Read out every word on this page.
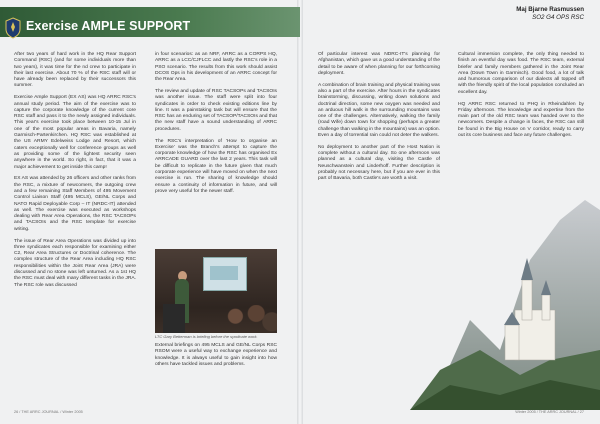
Exercise AMPLE SUPPORT
Maj Bjarne Rasmussen
SO2 G4 OPS RSC

After two years of hard work in the HQ Rear Support Command (RSC) (and for some individuals more than two years), it was time for the nd crew to participate in their last exercise. About 70 % of the RSC staff will or have already been replaced by their successors this summer.

Exercise Ample Support (EX AS) was HQ ARRC RSC's annual study period. The aim of the exercise was to capture the corporate knowledge of the current core RSC staff and pass it to the newly assigned individuals. This year's exercise took place between 10-15 Jul in one of the most popular areas in Bavaria, namely Garmisch-Partenkirchen. HQ RSC was established at the US ARMY Edelweiss Lodge and Resort, which caters exceptionally well for conference groups as well as providing some of the lightest security seen anywhere in the world. So right, in fact, that it was a major achievement to get inside this camp!

EX AS was attended by 26 officers and other ranks from the RSC, a mixture of newcomers, the outgoing crew and a few remaining Staff Members of 495 Movement Control Liaison Staff (495 MCLS), GE/NL Corps and NATO Rapid Deployable Corp – IT (NRDC-IT) attended as well. The exercise was executed as workshops dealing with Rear Area Operations, the RSC TACSOPs and TACSOIs and the RSC template for exercise writing.

The issue of Rear Area Operations was divided up into three syndicates each responsible for examining either C2, Rear Area Structures or Doctrinal coherence. The complex structure of the Rear Area including HQ RSC responsibilities within the Joint Rear Area (JRA) were discussed and no stone was left unturned. As a 1st HQ the RSC must deal with many different tasks in the JRA. The RSC role was discussed

in four scenarios: as an NRF, ARRC as a CORPS HQ, ARRC as a LCC/CJFLCC and lastly the RSC's role in a PSO scenario. The results from this work should assist DCOS Ops in his development of an ARRC concept for the Rear Area.

The review and update of RSC TACSOPs and TACSOIs was another issue. The staff were split into four syndicates in order to check existing editions line by line. It was a painstaking task but will ensure that the RSC has an enduring set of TACSOP/TACSOIs and that the new staff have a sound understanding of ARRC procedures.

The RSC's interpretation of 'How to organise an Exercise' was the Branch's attempt to capture the corporate knowledge of how the RSC has organised Ex ARRCADE GUARD over the last 2 years. This task will be difficult to replicate in the future given that much corporate experience will have moved on when the next exercise is run. The sharing of knowledge should ensure a continuity of information in future, and will prove very useful for the newer staff.

LTC Gary Betterman is briefing before the syndicate work.

External briefings on 495 MCLS and GE/NL Corps RSC RSOM were a useful way to exchange experience and knowledge. It is always useful to gain insight into how others have tackled issues and problems.

Of particular interest was NDRC-IT's planning for Afghanistan, which gave us a good understanding of the detail to be aware of when planning for our forthcoming deployment.

A combination of brain training and physical training was also a part of the exercise. After hours in the syndicates brainstorming, discussing, writing down solutions and doctrinal direction, some new oxygen was needed and an arduous hill walk in the surrounding mountains was one of the challenges. Alternatively, walking the family (road Wife) down town for shopping (perhaps a greater challenge than walking in the mountains) was an option. Even a day of torrential rain could not deter the walkers.

No deployment to another part of the Host Nation is complete without a cultural day. So one afternoon was planned as a cultural day, visiting the Castle of Neuschwanstein and Linderhoff. Further description is probably not necessary here, but if you are ever in this part of Bavaria, both Castle's are worth a visit.

Cultural immersion complete, the only thing needed to finish an eventful day was food. The RSC team, external briefer and family members gathered in the Joint Rear Area (Down Town in Garmisch). Good food, a lot of talk and humorous comparison of our dialects all topped off with the friendly spirit of the local population concluded an excellent day.

HQ ARRC RSC returned to PHQ in Rheindahlen by Friday afternoon. The knowledge and expertise from the main part of the old RSC team was handed over to the newcomers. Despite a change in faces, the RSC can still be found in the Big House on V corridor, ready to carry out its core business and face any future challenges.

26 / THE ARRC JOURNAL / Winter 2005	Winter 2005 / THE ARRC JOURNAL / 27
